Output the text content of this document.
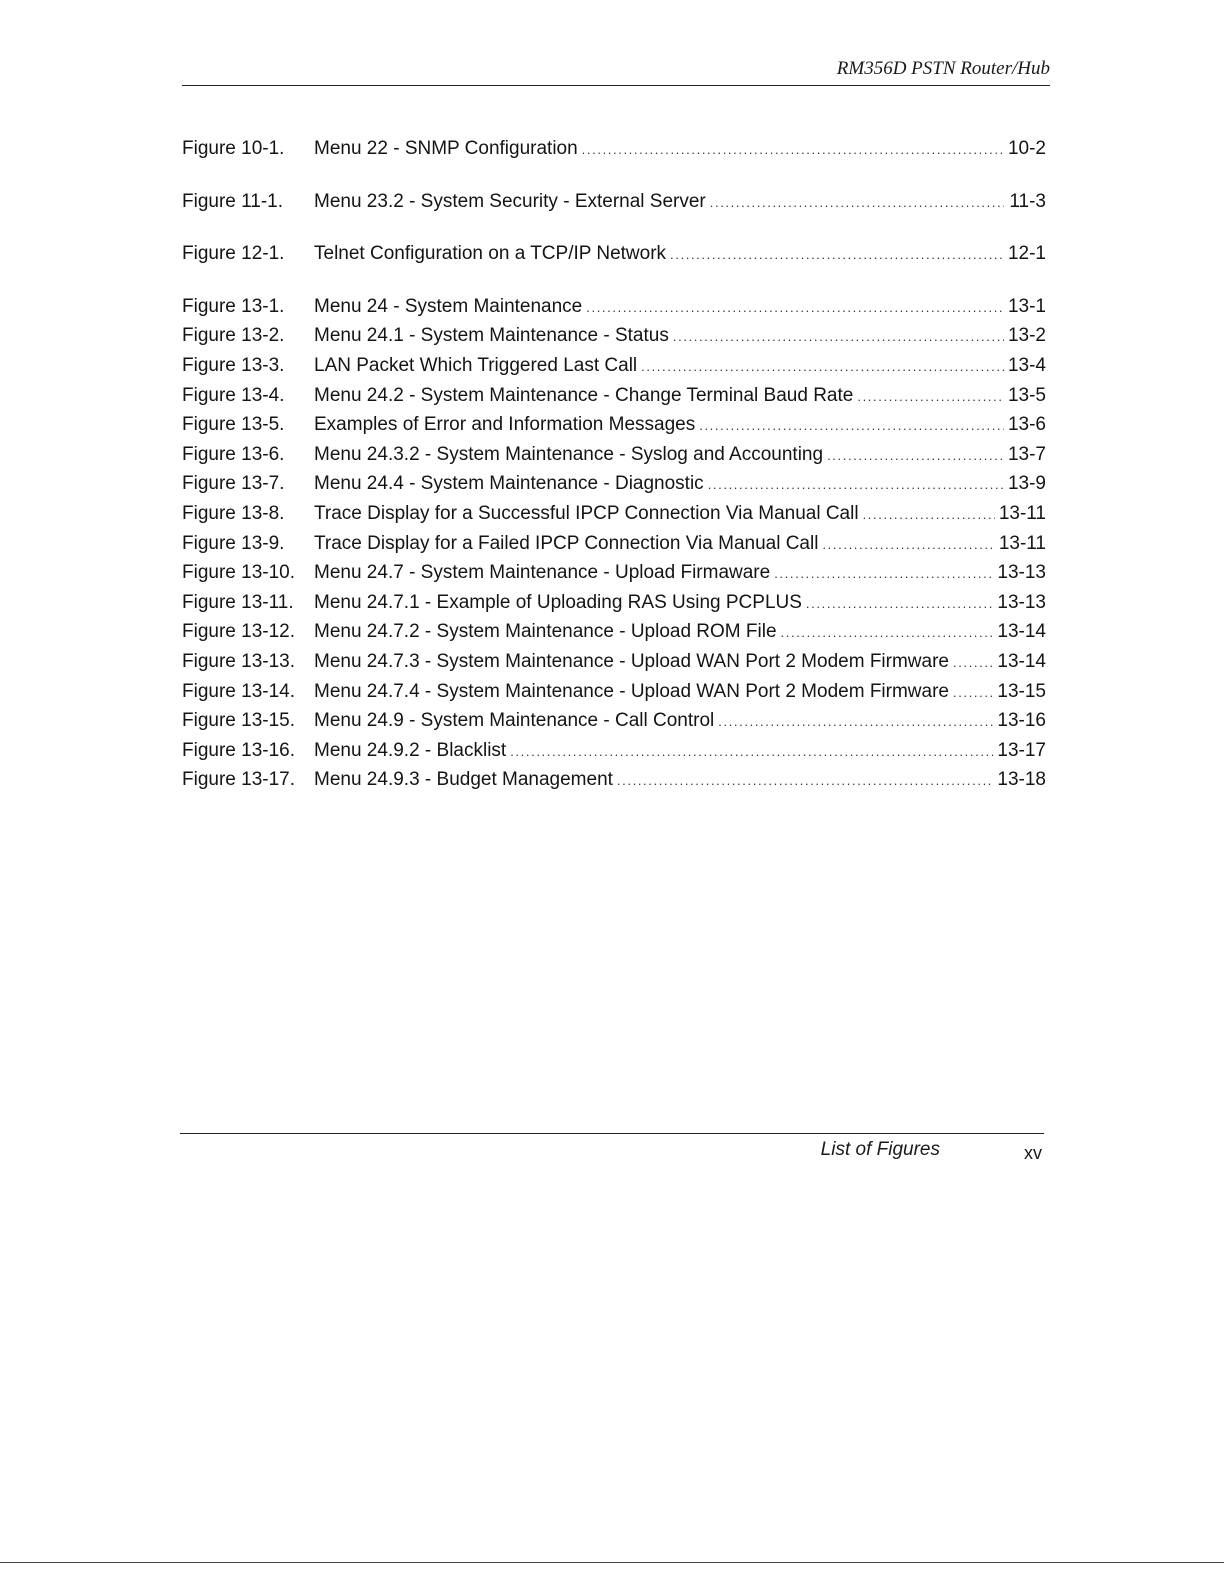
RM356D PSTN Router/Hub
Figure 10-1.	Menu 22 - SNMP Configuration . . .	10-2
Figure 11-1.	Menu 23.2 - System Security - External Server . . .	11-3
Figure 12-1.	Telnet Configuration on a TCP/IP Network . . .	12-1
Figure 13-1.	Menu 24 - System Maintenance . . .	13-1
Figure 13-2.	Menu 24.1 - System Maintenance - Status . . .	13-2
Figure 13-3.	LAN Packet Which Triggered Last Call . . .	13-4
Figure 13-4.	Menu 24.2 - System Maintenance - Change Terminal Baud Rate . . .	13-5
Figure 13-5.	Examples of Error and Information Messages . . .	13-6
Figure 13-6.	Menu 24.3.2 - System Maintenance - Syslog and Accounting . . .	13-7
Figure 13-7.	Menu 24.4 - System Maintenance - Diagnostic . . .	13-9
Figure 13-8.	Trace Display for a Successful IPCP Connection Via Manual Call . . .	13-11
Figure 13-9.	Trace Display for a Failed IPCP Connection Via Manual Call . . .	13-11
Figure 13-10. Menu 24.7 - System Maintenance - Upload Firmaware . . .	13-13
Figure 13-11.	Menu 24.7.1 - Example of Uploading RAS Using PCPLUS . . .	13-13
Figure 13-12. Menu 24.7.2 - System Maintenance - Upload ROM File . . .	13-14
Figure 13-13. Menu 24.7.3 - System Maintenance - Upload WAN Port 2 Modem Firmware . . .	13-14
Figure 13-14. Menu 24.7.4 - System Maintenance - Upload WAN Port 2 Modem Firmware . . .	13-15
Figure 13-15. Menu 24.9 - System Maintenance - Call Control . . .	13-16
Figure 13-16. Menu 24.9.2 - Blacklist . . .	13-17
Figure 13-17. Menu 24.9.3 - Budget Management . . .	13-18
List of Figures	xv
